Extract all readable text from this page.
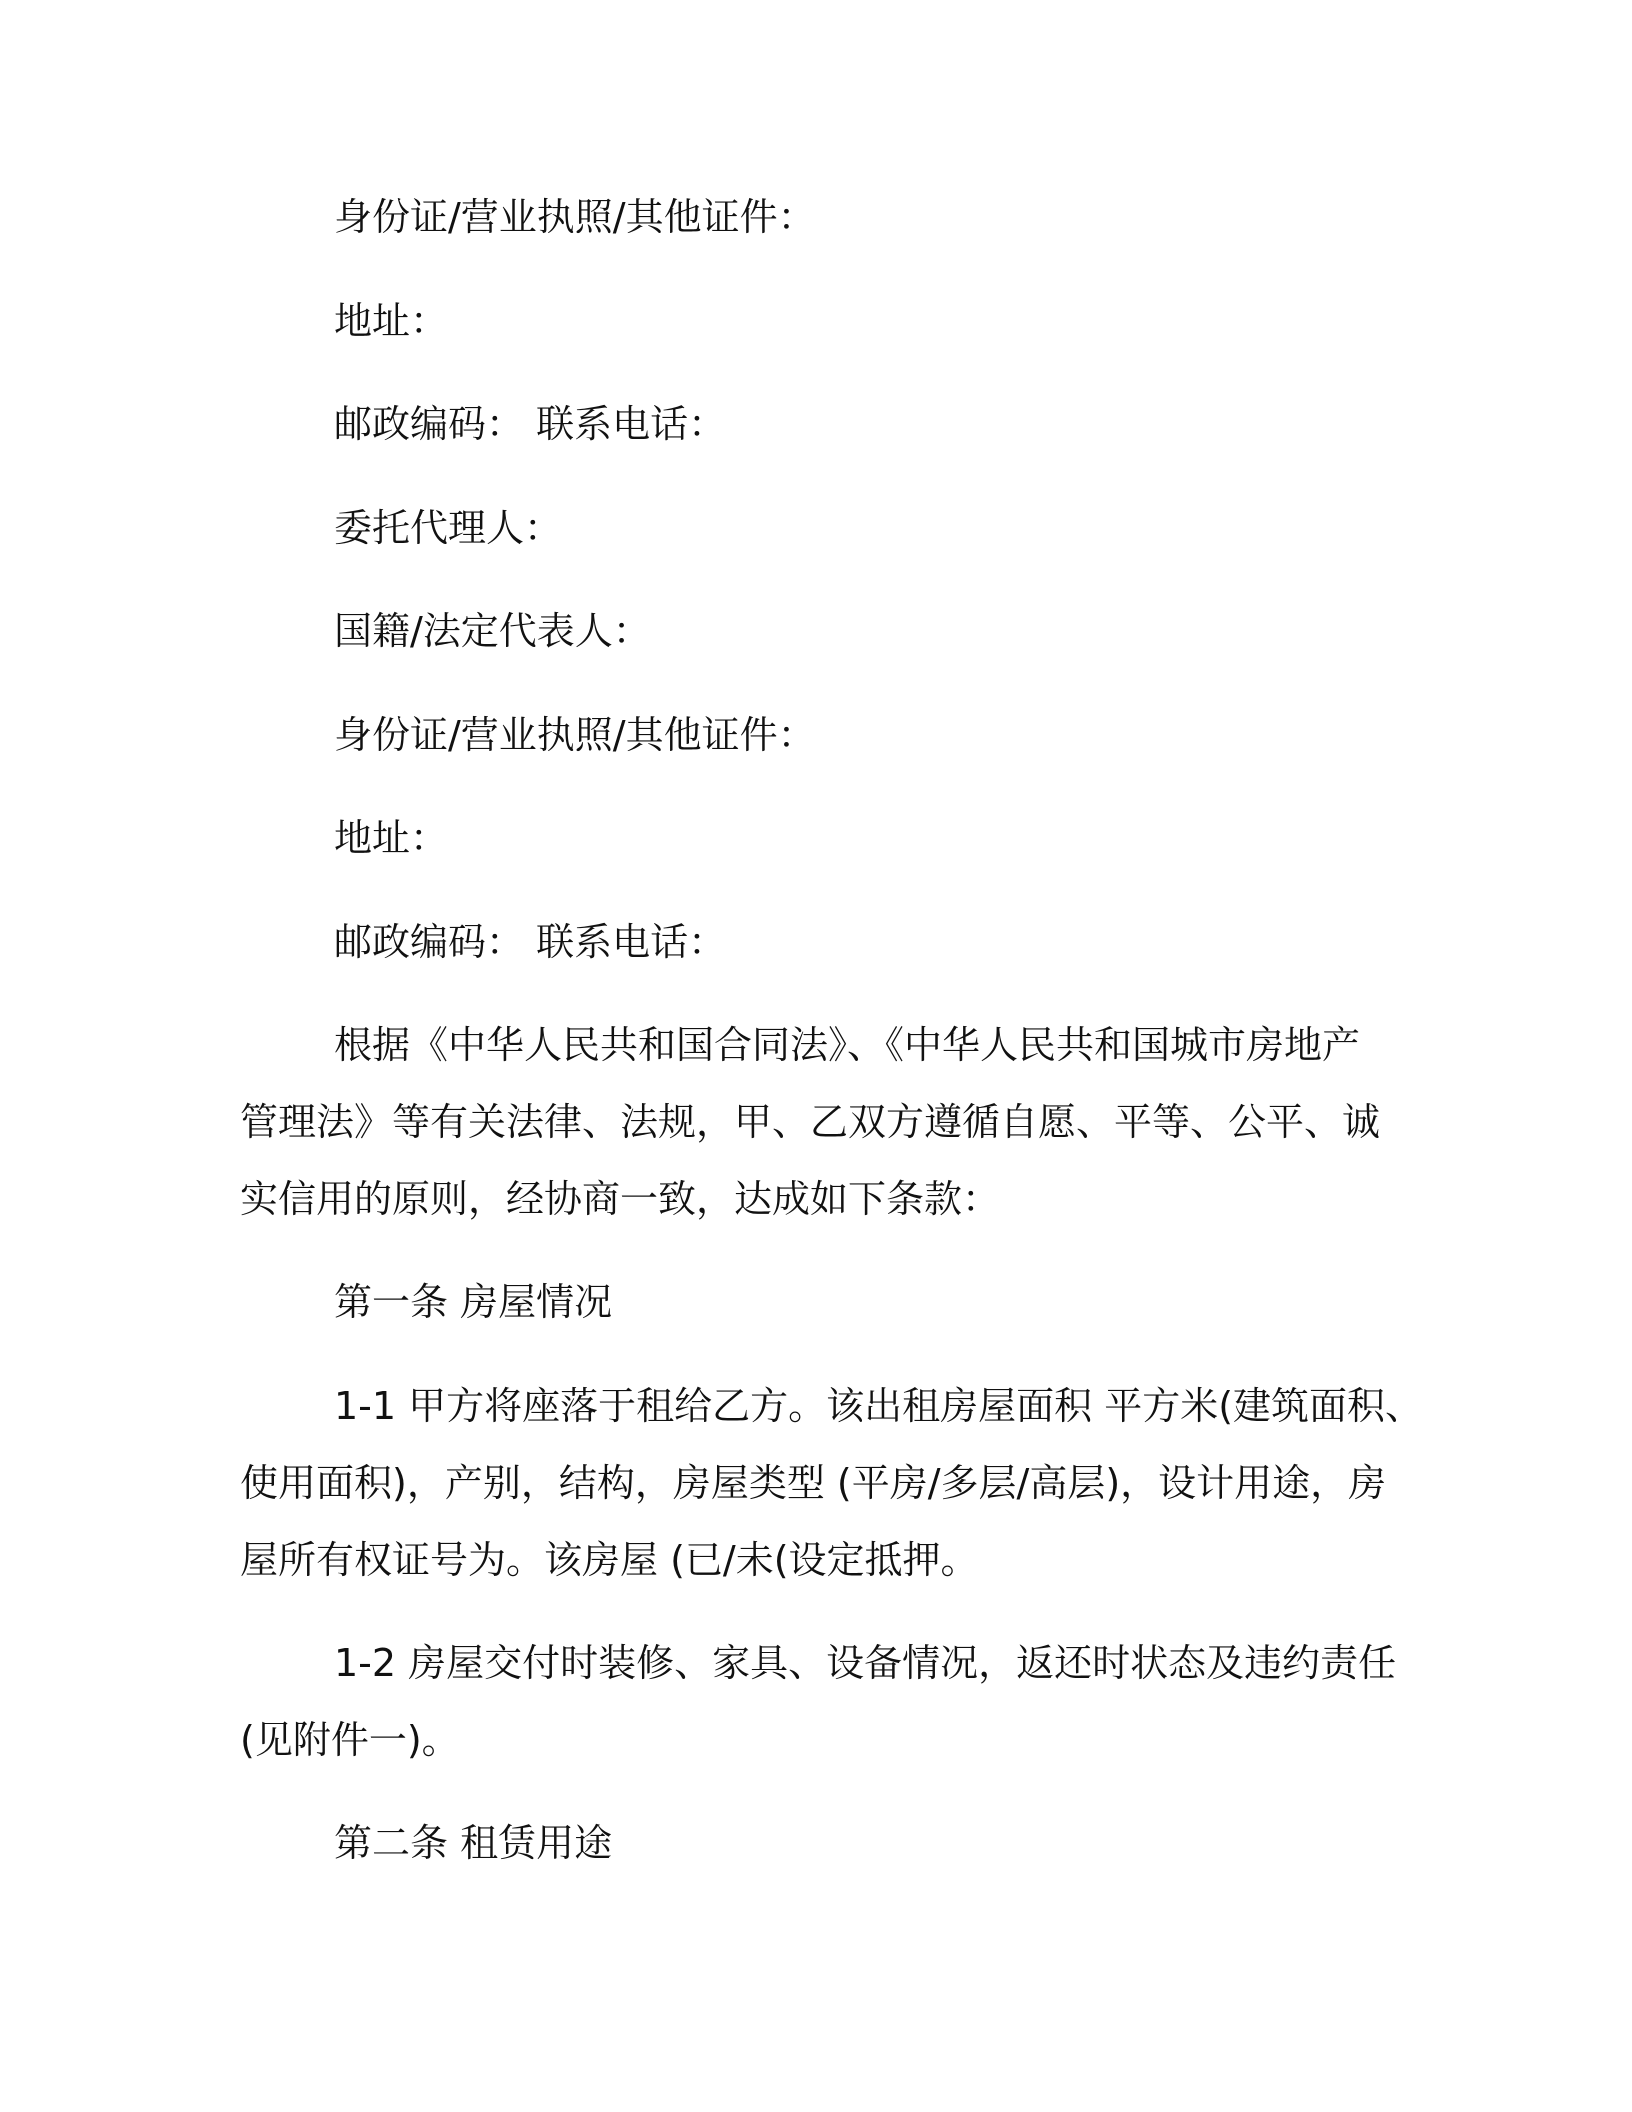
身份证/营业执照/其他证件：
地址：
邮政编码： 联系电话：
委托代理人：
国籍/法定代表人：
身份证/营业执照/其他证件：
地址：
邮政编码： 联系电话：
根据《中华人民共和国合同法》、《中华人民共和国城市房地产
管理法》等有关法律、法规，甲、乙双方遵循自愿、平等、公平、诚
实信用的原则，经协商一致，达成如下条款：
第一条 房屋情况
1-1 甲方将座落于租给乙方。该出租房屋面积 平方米(建筑面积、
使用面积)，产别，结构，房屋类型 (平房/多层/高层)，设计用途，房
屋所有权证号为。该房屋 (已/未(设定抵押。
1-2 房屋交付时装修、家具、设备情况，返还时状态及违约责任
(见附件一)。
第二条 租赁用途
